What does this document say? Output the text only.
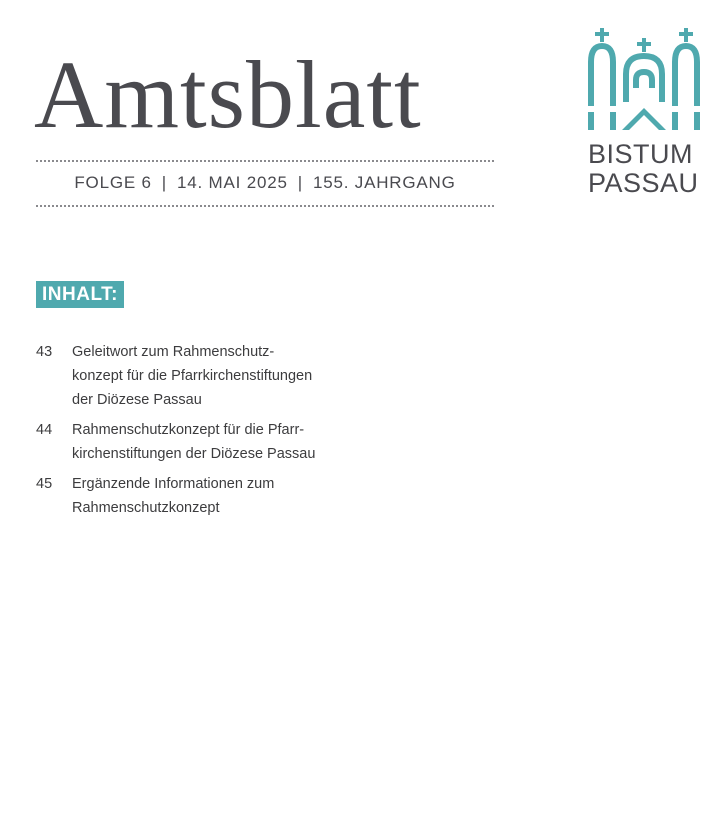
Amtsblatt
FOLGE 6 | 14. MAI 2025 | 155. JAHRGANG
BISTUM
PASSAU
INHALT:
43	Geleitwort zum Rahmenschutz-
konzept für die Pfarrkirchenstiftungen
der Diözese Passau
44	Rahmenschutzkonzept für die Pfarr-
kirchenstiftungen der Diözese Passau
45	Ergänzende Informationen zum
Rahmenschutzkonzept
